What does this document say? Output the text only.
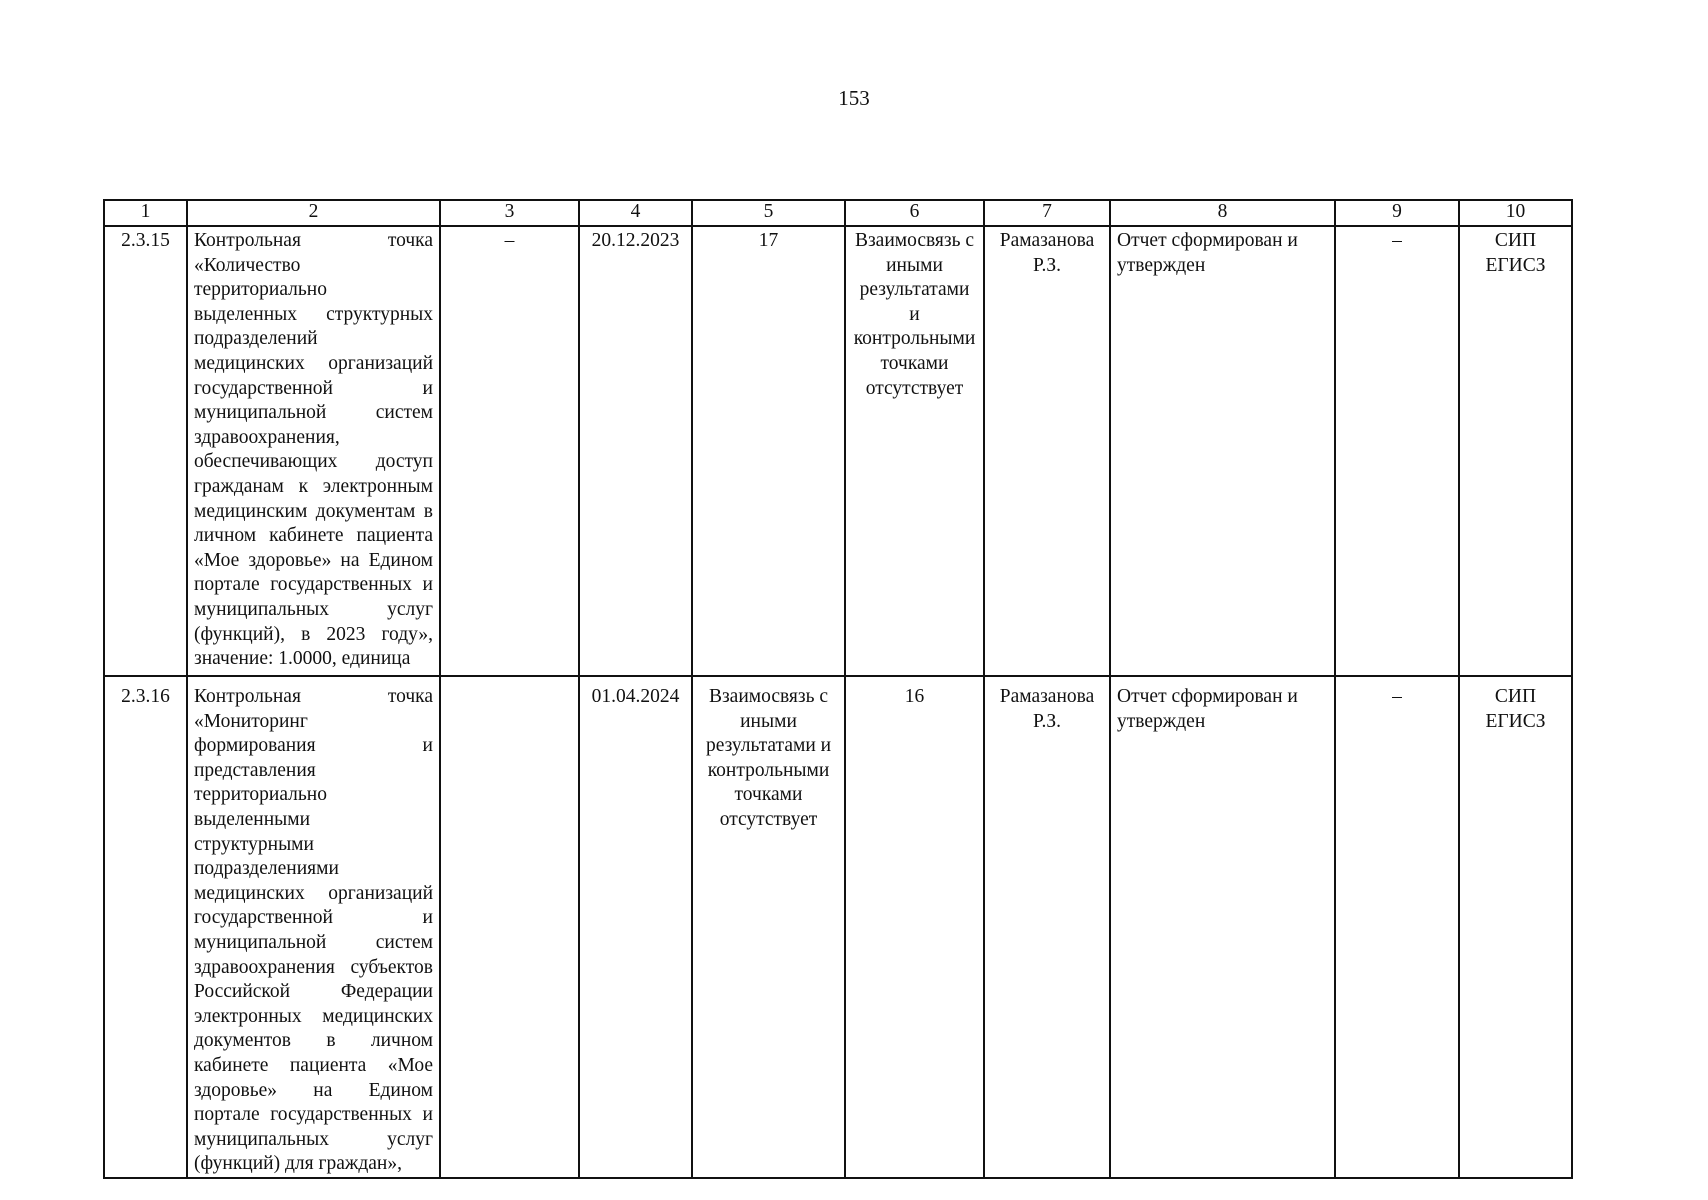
153
1	2	3	4	5	6	7	8	9	10
2.3.15	Контрольная точка «Количество территориально выделенных структурных подразделений медицинских организаций государственной и муниципальной систем здравоохранения, обеспечивающих доступ гражданам к электронным медицинским документам в личном кабинете пациента «Мое здоровье» на Едином портале государственных и муниципальных услуг (функций), в 2023 году», значение: 1.0000, единица	–	20.12.2023	17	Взаимосвязь с иными результатами и контрольными точками отсутствует	Рамазанова Р.З.	Отчет сформирован и утвержден	–	СИП ЕГИСЗ
2.3.16	Контрольная точка «Мониторинг формирования и представления территориально выделенными структурными подразделениями медицинских организаций государственной и муниципальной систем здравоохранения субъектов Российской Федерации электронных медицинских документов в личном кабинете пациента «Мое здоровье» на Едином портале государственных и муниципальных услуг (функций) для граждан»,		01.04.2024	Взаимосвязь с иными результатами и контрольными точками отсутствует	16	Рамазанова Р.З.	Отчет сформирован и утвержден	–	СИП ЕГИСЗ
